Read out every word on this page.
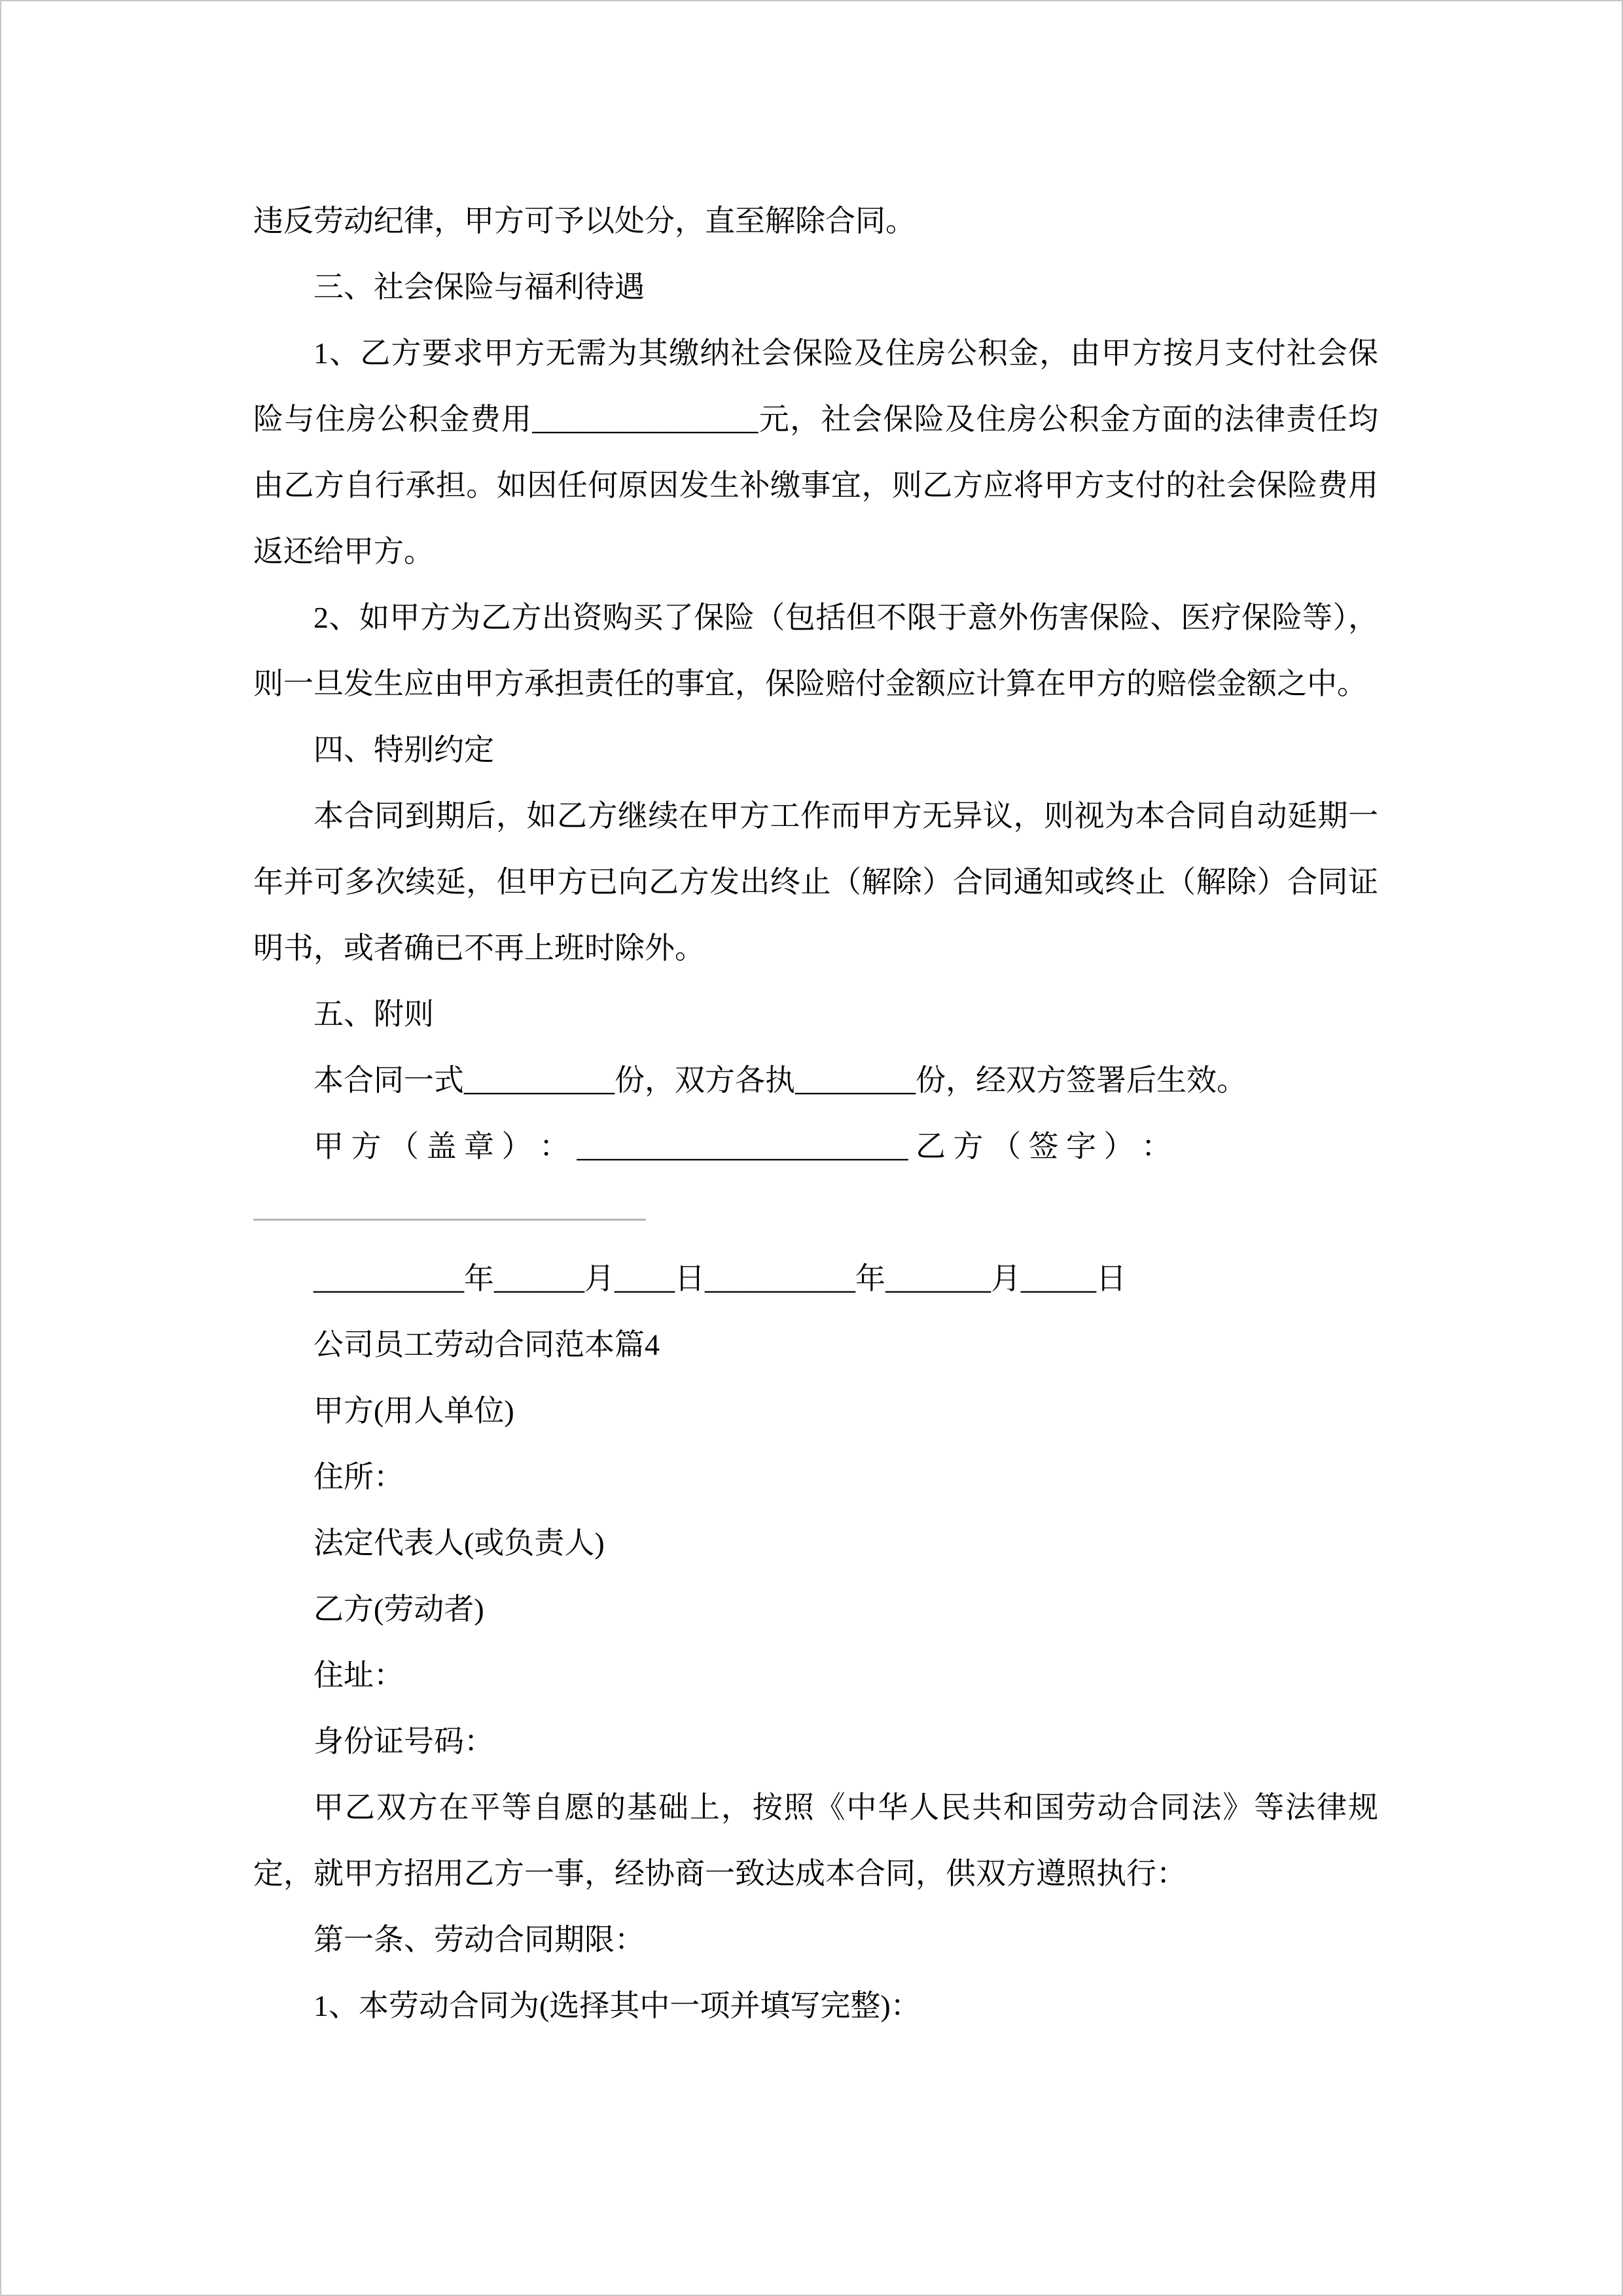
违反劳动纪律，甲方可予以处分，直至解除合同。

三、社会保险与福利待遇

1、乙方要求甲方无需为其缴纳社会保险及住房公积金，由甲方按月支付社会保险与住房公积金费用_______________元，社会保险及住房公积金方面的法律责任均由乙方自行承担。如因任何原因发生补缴事宜，则乙方应将甲方支付的社会保险费用返还给甲方。

2、如甲方为乙方出资购买了保险（包括但不限于意外伤害保险、医疗保险等），则一旦发生应由甲方承担责任的事宜，保险赔付金额应计算在甲方的赔偿金额之中。

四、特别约定

本合同到期后，如乙方继续在甲方工作而甲方无异议，则视为本合同自动延期一年并可多次续延，但甲方已向乙方发出终止（解除）合同通知或终止（解除）合同证明书，或者确已不再上班时除外。

五、附则

本合同一式__________份，双方各执________份，经双方签署后生效。

甲 方 （ 盖 章 ） ： ______________________ 乙 方 （ 签 字 ） ：

__________年______月____日__________年_______月_____日

公司员工劳动合同范本篇4

甲方(用人单位)

住所：

法定代表人(或负责人)

乙方(劳动者)

住址：

身份证号码：

甲乙双方在平等自愿的基础上，按照《中华人民共和国劳动合同法》等法律规定，就甲方招用乙方一事，经协商一致达成本合同，供双方遵照执行：

第一条、劳动合同期限：

1、本劳动合同为(选择其中一项并填写完整)：
